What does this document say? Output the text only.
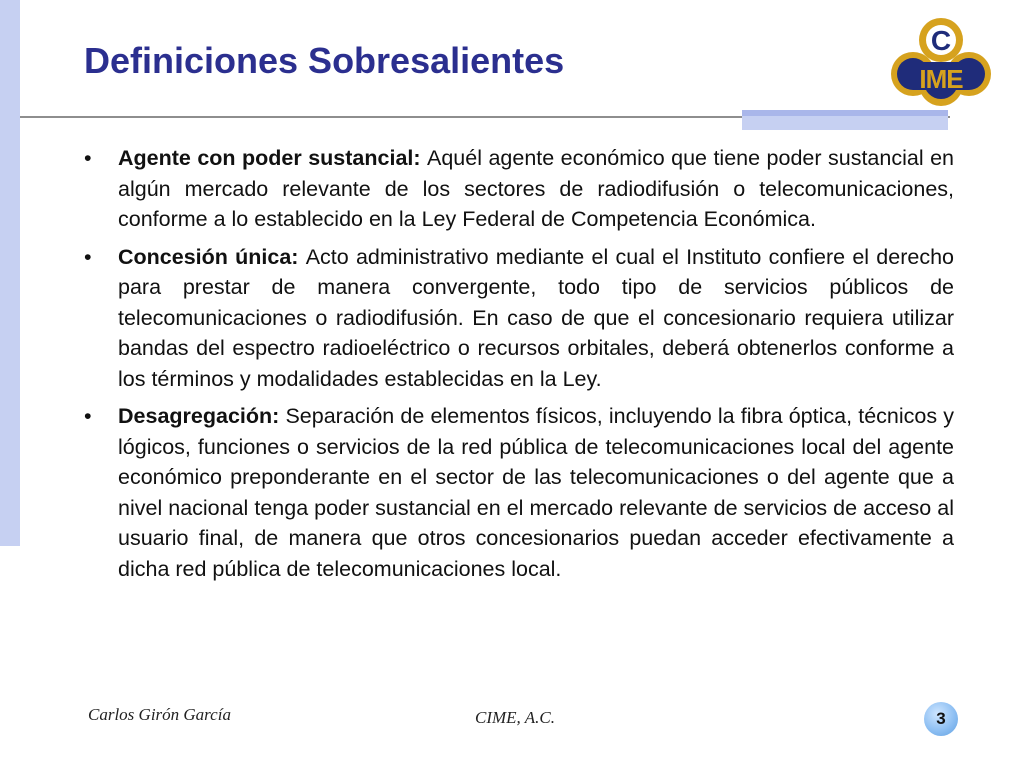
Definiciones Sobresalientes	C
IME
•	Agente con poder sustancial: Aquél agente económico que tiene poder sustancial en algún mercado relevante de los sectores de radiodifusión o telecomunicaciones, conforme a lo establecido en la Ley Federal de Competencia Económica.
•	Concesión única: Acto administrativo mediante el cual el Instituto confiere el derecho para prestar de manera convergente, todo tipo de servicios públicos de telecomunicaciones o radiodifusión. En caso de que el concesionario requiera utilizar bandas del espectro radioeléctrico o recursos orbitales, deberá obtenerlos conforme a los términos y modalidades establecidas en la Ley.
•	Desagregación: Separación de elementos físicos, incluyendo la fibra óptica, técnicos y lógicos, funciones o servicios de la red pública de telecomunicaciones local del agente económico preponderante en el sector de las telecomunicaciones o del agente que a nivel nacional tenga poder sustancial en el mercado relevante de servicios de acceso al usuario final, de manera que otros concesionarios puedan acceder efectivamente a dicha red pública de telecomunicaciones local.
Carlos Girón García	CIME, A.C.	3
